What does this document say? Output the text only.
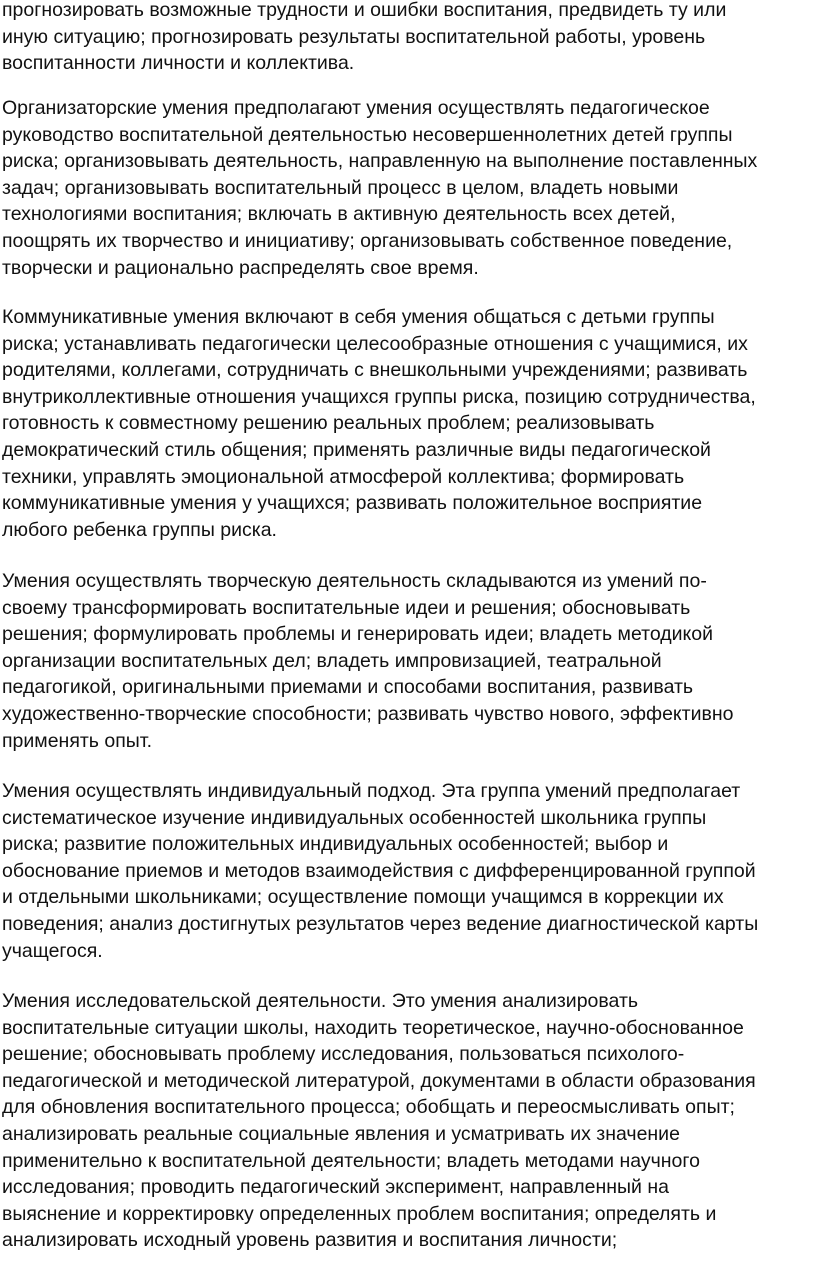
прогнозировать возможные трудности и ошибки воспитания, предвидеть ту или
иную ситуацию; прогнозировать результаты воспитательной работы, уровень
воспитанности личности и коллектива.

Организаторские умения предполагают умения осуществлять педагогическое
руководство воспитательной деятельностью несовершеннолетних детей группы
риска; организовывать деятельность, направленную на выполнение поставленных
задач; организовывать воспитательный процесс в целом, владеть новыми
технологиями воспитания; включать в активную деятельность всех детей,
поощрять их творчество и инициативу; организовывать собственное поведение,
творчески и рационально распределять свое время.

Коммуникативные умения включают в себя умения общаться с детьми группы
риска; устанавливать педагогически целесообразные отношения с учащимися, их
родителями, коллегами, сотрудничать с внешкольными учреждениями; развивать
внутриколлективные отношения учащихся группы риска, позицию сотрудничества,
готовность к совместному решению реальных проблем; реализовывать
демократический стиль общения; применять различные виды педагогической
техники, управлять эмоциональной атмосферой коллектива; формировать
коммуникативные умения у учащихся; развивать положительное восприятие
любого ребенка группы риска.

Умения осуществлять творческую деятельность складываются из умений по-
своему трансформировать воспитательные идеи и решения; обосновывать
решения; формулировать проблемы и генерировать идеи; владеть методикой
организации воспитательных дел; владеть импровизацией, театральной
педагогикой, оригинальными приемами и способами воспитания, развивать
художественно-творческие способности; развивать чувство нового, эффективно
применять опыт.

Умения осуществлять индивидуальный подход. Эта группа умений предполагает
систематическое изучение индивидуальных особенностей школьника группы
риска; развитие положительных индивидуальных особенностей; выбор и
обоснование приемов и методов взаимодействия с дифференцированной группой
и отдельными школьниками; осуществление помощи учащимся в коррекции их
поведения; анализ достигнутых результатов через ведение диагностической карты
учащегося.

Умения исследовательской деятельности. Это умения анализировать
воспитательные ситуации школы, находить теоретическое, научно-обоснованное
решение; обосновывать проблему исследования, пользоваться психолого-
педагогической и методической литературой, документами в области образования
для обновления воспитательного процесса; обобщать и переосмысливать опыт;
анализировать реальные социальные явления и усматривать их значение
применительно к воспитательной деятельности; владеть методами научного
исследования; проводить педагогический эксперимент, направленный на
выяснение и корректировку определенных проблем воспитания; определять и
анализировать исходный уровень развития и воспитания личности;
